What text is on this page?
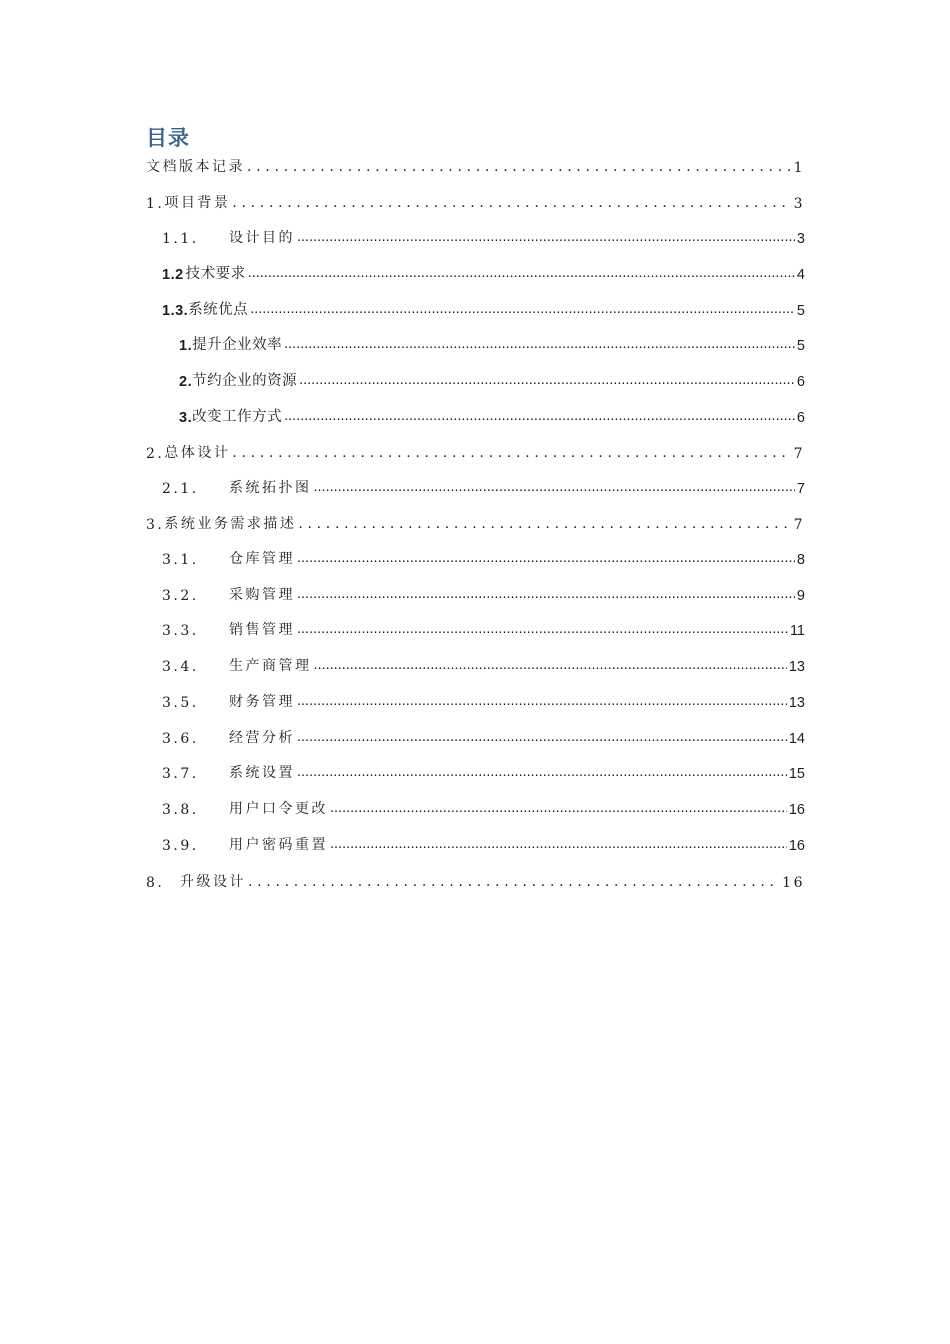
目录
文档版本记录 .....	1
1. 项目背景 .....	3
1.1.	设计目的 .....	3
1.2 技术要求 .....	4
1.3. 系统优点 .....	5
1. 提升企业效率 .....	5
2. 节约企业的资源 .....	6
3. 改变工作方式 .....	6
2. 总体设计 .....	7
2.1.	系统拓扑图 .....	7
3. 系统业务需求描述 .....	7
3.1.	仓库管理 .....	8
3.2.	采购管理 .....	9
3.3.	销售管理 .....	11
3.4.	生产商管理 .....	13
3.5.	财务管理 .....	13
3.6.	经营分析 .....	14
3.7.	系统设置 .....	15
3.8.	用户口令更改 .....	16
3.9.	用户密码重置 .....	16
8.	升级设计 .....	16
